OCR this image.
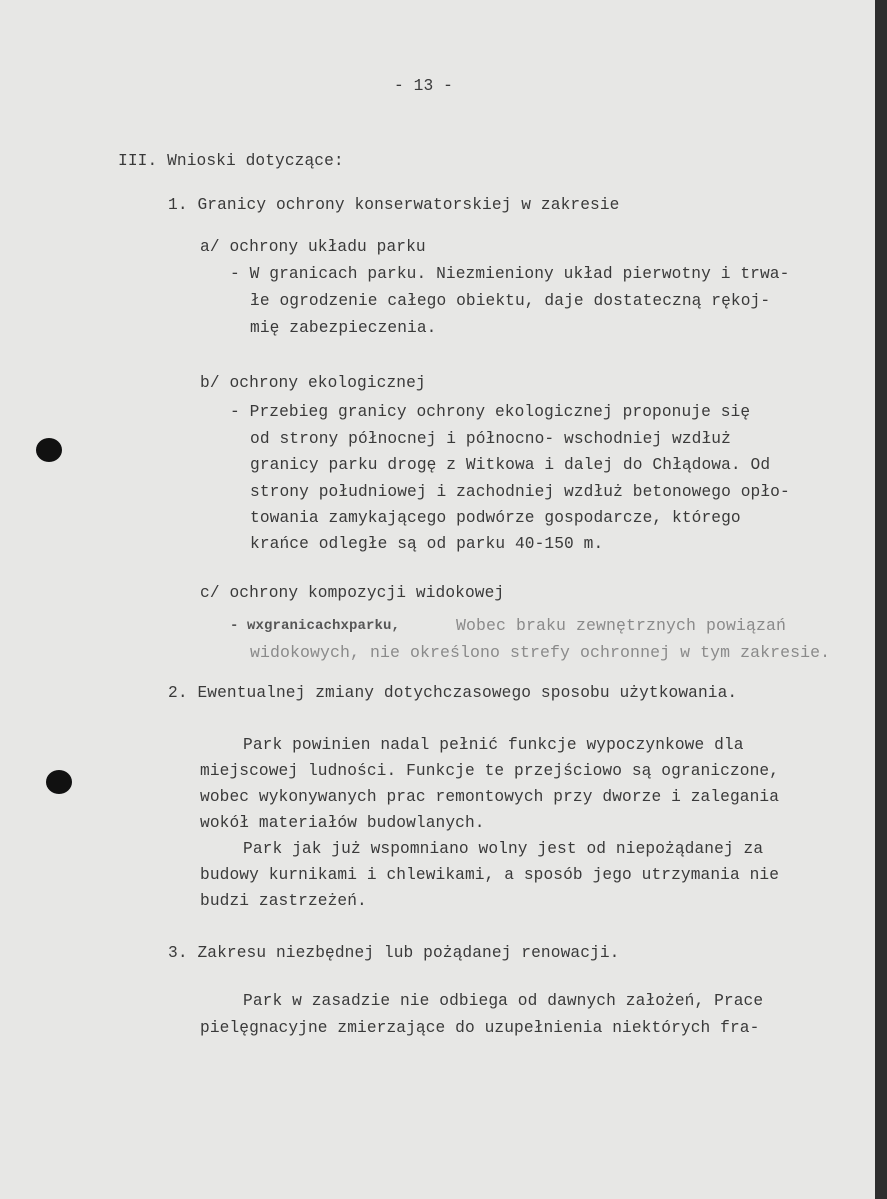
- 13 -
III. Wnioski dotyczące:
1. Granicy ochrony konserwatorskiej w zakresie
a/ ochrony układu parku
- W granicach parku. Niezmieniony układ pierwotny i trwa-
łe ogrodzenie całego obiektu, daje dostateczną rękoj-
mię zabezpieczenia.
b/ ochrony ekologicznej
- Przebieg granicy ochrony ekologicznej proponuje się
od strony północnej i północno- wschodniej wzdłuż
granicy parku drogę z Witkowa i dalej do Chłądowa. Od
strony południowej i zachodniej wzdłuż betonowego opło-
towania zamykającego podwórze gospodarcze, którego
krańce odległe są od parku 40-150 m.
c/ ochrony kompozycji widokowej
- wxgranicachxparku,	Wobec braku zewnętrznych powiązań
widokowych, nie określono strefy ochronnej w tym zakresie.
2. Ewentualnej zmiany dotychczasowego sposobu użytkowania.
Park powinien nadal pełnić funkcje wypoczynkowe dla
miejscowej ludności. Funkcje te przejściowo są ograniczone,
wobec wykonywanych prac remontowych przy dworze i zalegania
wokół materiałów budowlanych.
Park jak już wspomniano wolny jest od niepożądanej za
budowy kurnikami i chlewikami, a sposób jego utrzymania nie
budzi zastrzeżeń.
3. Zakresu niezbędnej lub pożądanej renowacji.
Park w zasadzie nie odbiega od dawnych założeń, Prace
pielęgnacyjne zmierzające do uzupełnienia niektórych fra-
